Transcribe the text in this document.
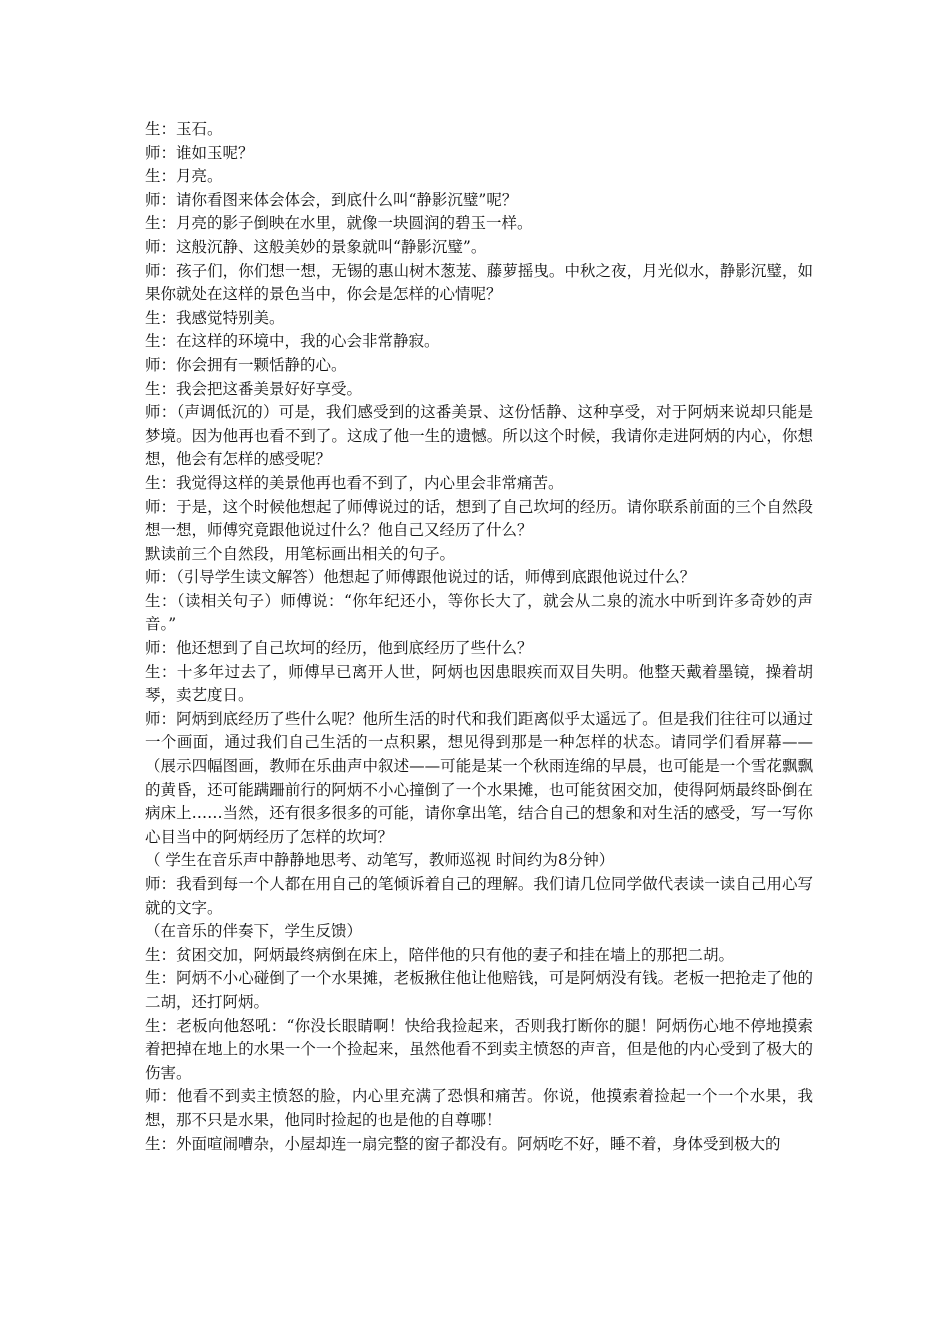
生：玉石。

师：谁如玉呢？

生：月亮。

师：请你看图来体会体会，到底什么叫“静影沉璧”呢？

生：月亮的影子倒映在水里，就像一块圆润的碧玉一样。

师：这般沉静、这般美妙的景象就叫“静影沉璧”。

师：孩子们，你们想一想，无锡的惠山树木葱茏、藤萝摇曳。中秋之夜，月光似水，静影沉璧，如果你就处在这样的景色当中，你会是怎样的心情呢？

生：我感觉特别美。

生：在这样的环境中，我的心会非常静寂。

师：你会拥有一颗恬静的心。

生：我会把这番美景好好享受。

师：（声调低沉的）可是，我们感受到的这番美景、这份恬静、这种享受，对于阿炳来说却只能是梦境。因为他再也看不到了。这成了他一生的遗憾。所以这个时候，我请你走进阿炳的内心，你想想，他会有怎样的感受呢？

生：我觉得这样的美景他再也看不到了，内心里会非常痛苦。

师：于是，这个时候他想起了师傅说过的话，想到了自己坎坷的经历。请你联系前面的三个自然段想一想，师傅究竟跟他说过什么？他自己又经历了什么？

默读前三个自然段，用笔标画出相关的句子。

师：（引导学生读文解答）他想起了师傅跟他说过的话，师傅到底跟他说过什么？

生：（读相关句子）师傅说：“你年纪还小，等你长大了，就会从二泉的流水中听到许多奇妙的声音。”

师：他还想到了自己坎坷的经历，他到底经历了些什么？

生：十多年过去了，师傅早已离开人世，阿炳也因患眼疾而双目失明。他整天戴着墨镜，操着胡琴，卖艺度日。

师：阿炳到底经历了些什么呢？他所生活的时代和我们距离似乎太遥远了。但是我们往往可以通过一个画面，通过我们自己生活的一点积累，想见得到那是一种怎样的状态。请同学们看屏幕——（展示四幅图画，教师在乐曲声中叙述——可能是某一个秋雨连绵的早晨，也可能是一个雪花飘飘的黄昏，还可能蹒跚前行的阿炳不小心撞倒了一个水果摊，也可能贫困交加，使得阿炳最终卧倒在病床上……当然，还有很多很多的可能，请你拿出笔，结合自己的想象和对生活的感受，写一写你心目当中的阿炳经历了怎样的坎坷？

（ 学生在音乐声中静静地思考、动笔写，教师巡视 时间约为8分钟）

师：我看到每一个人都在用自己的笔倾诉着自己的理解。我们请几位同学做代表读一读自己用心写就的文字。

（在音乐的伴奏下，学生反馈）

生：贫困交加，阿炳最终病倒在床上，陪伴他的只有他的妻子和挂在墙上的那把二胡。

生：阿炳不小心碰倒了一个水果摊，老板揪住他让他赔钱，可是阿炳没有钱。老板一把抢走了他的二胡，还打阿炳。

生：老板向他怒吼：“你没长眼睛啊！快给我捡起来，否则我打断你的腿！阿炳伤心地不停地摸索着把掉在地上的水果一个一个捡起来，虽然他看不到卖主愤怒的声音，但是他的内心受到了极大的伤害。

师：他看不到卖主愤怒的脸，内心里充满了恐惧和痛苦。你说，他摸索着捡起一个一个水果，我想，那不只是水果，他同时捡起的也是他的自尊哪！

生：外面喧闹嘈杂，小屋却连一扇完整的窗子都没有。阿炳吃不好，睡不着，身体受到极大的
